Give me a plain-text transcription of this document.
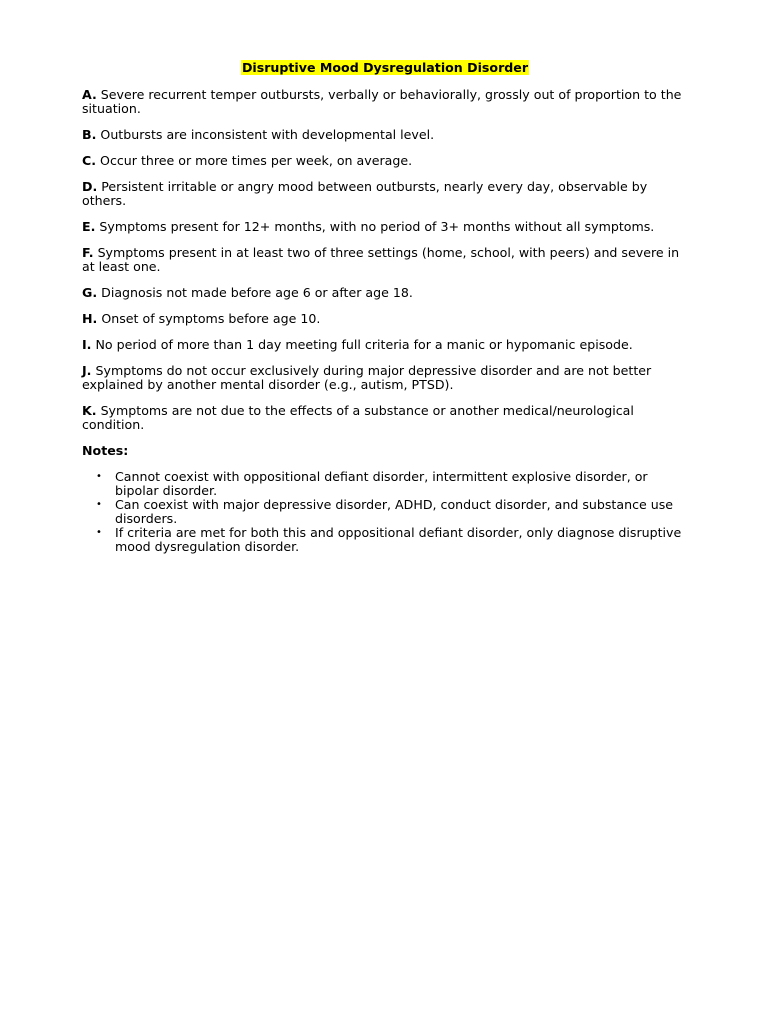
Disruptive Mood Dysregulation Disorder
A. Severe recurrent temper outbursts, verbally or behaviorally, grossly out of proportion to the situation.
B. Outbursts are inconsistent with developmental level.
C. Occur three or more times per week, on average.
D. Persistent irritable or angry mood between outbursts, nearly every day, observable by others.
E. Symptoms present for 12+ months, with no period of 3+ months without all symptoms.
F. Symptoms present in at least two of three settings (home, school, with peers) and severe in at least one.
G. Diagnosis not made before age 6 or after age 18.
H. Onset of symptoms before age 10.
I. No period of more than 1 day meeting full criteria for a manic or hypomanic episode.
J. Symptoms do not occur exclusively during major depressive disorder and are not better explained by another mental disorder (e.g., autism, PTSD).
K. Symptoms are not due to the effects of a substance or another medical/neurological condition.
Notes:
• Cannot coexist with oppositional defiant disorder, intermittent explosive disorder, or bipolar disorder.
• Can coexist with major depressive disorder, ADHD, conduct disorder, and substance use disorders.
• If criteria are met for both this and oppositional defiant disorder, only diagnose disruptive mood dysregulation disorder.
